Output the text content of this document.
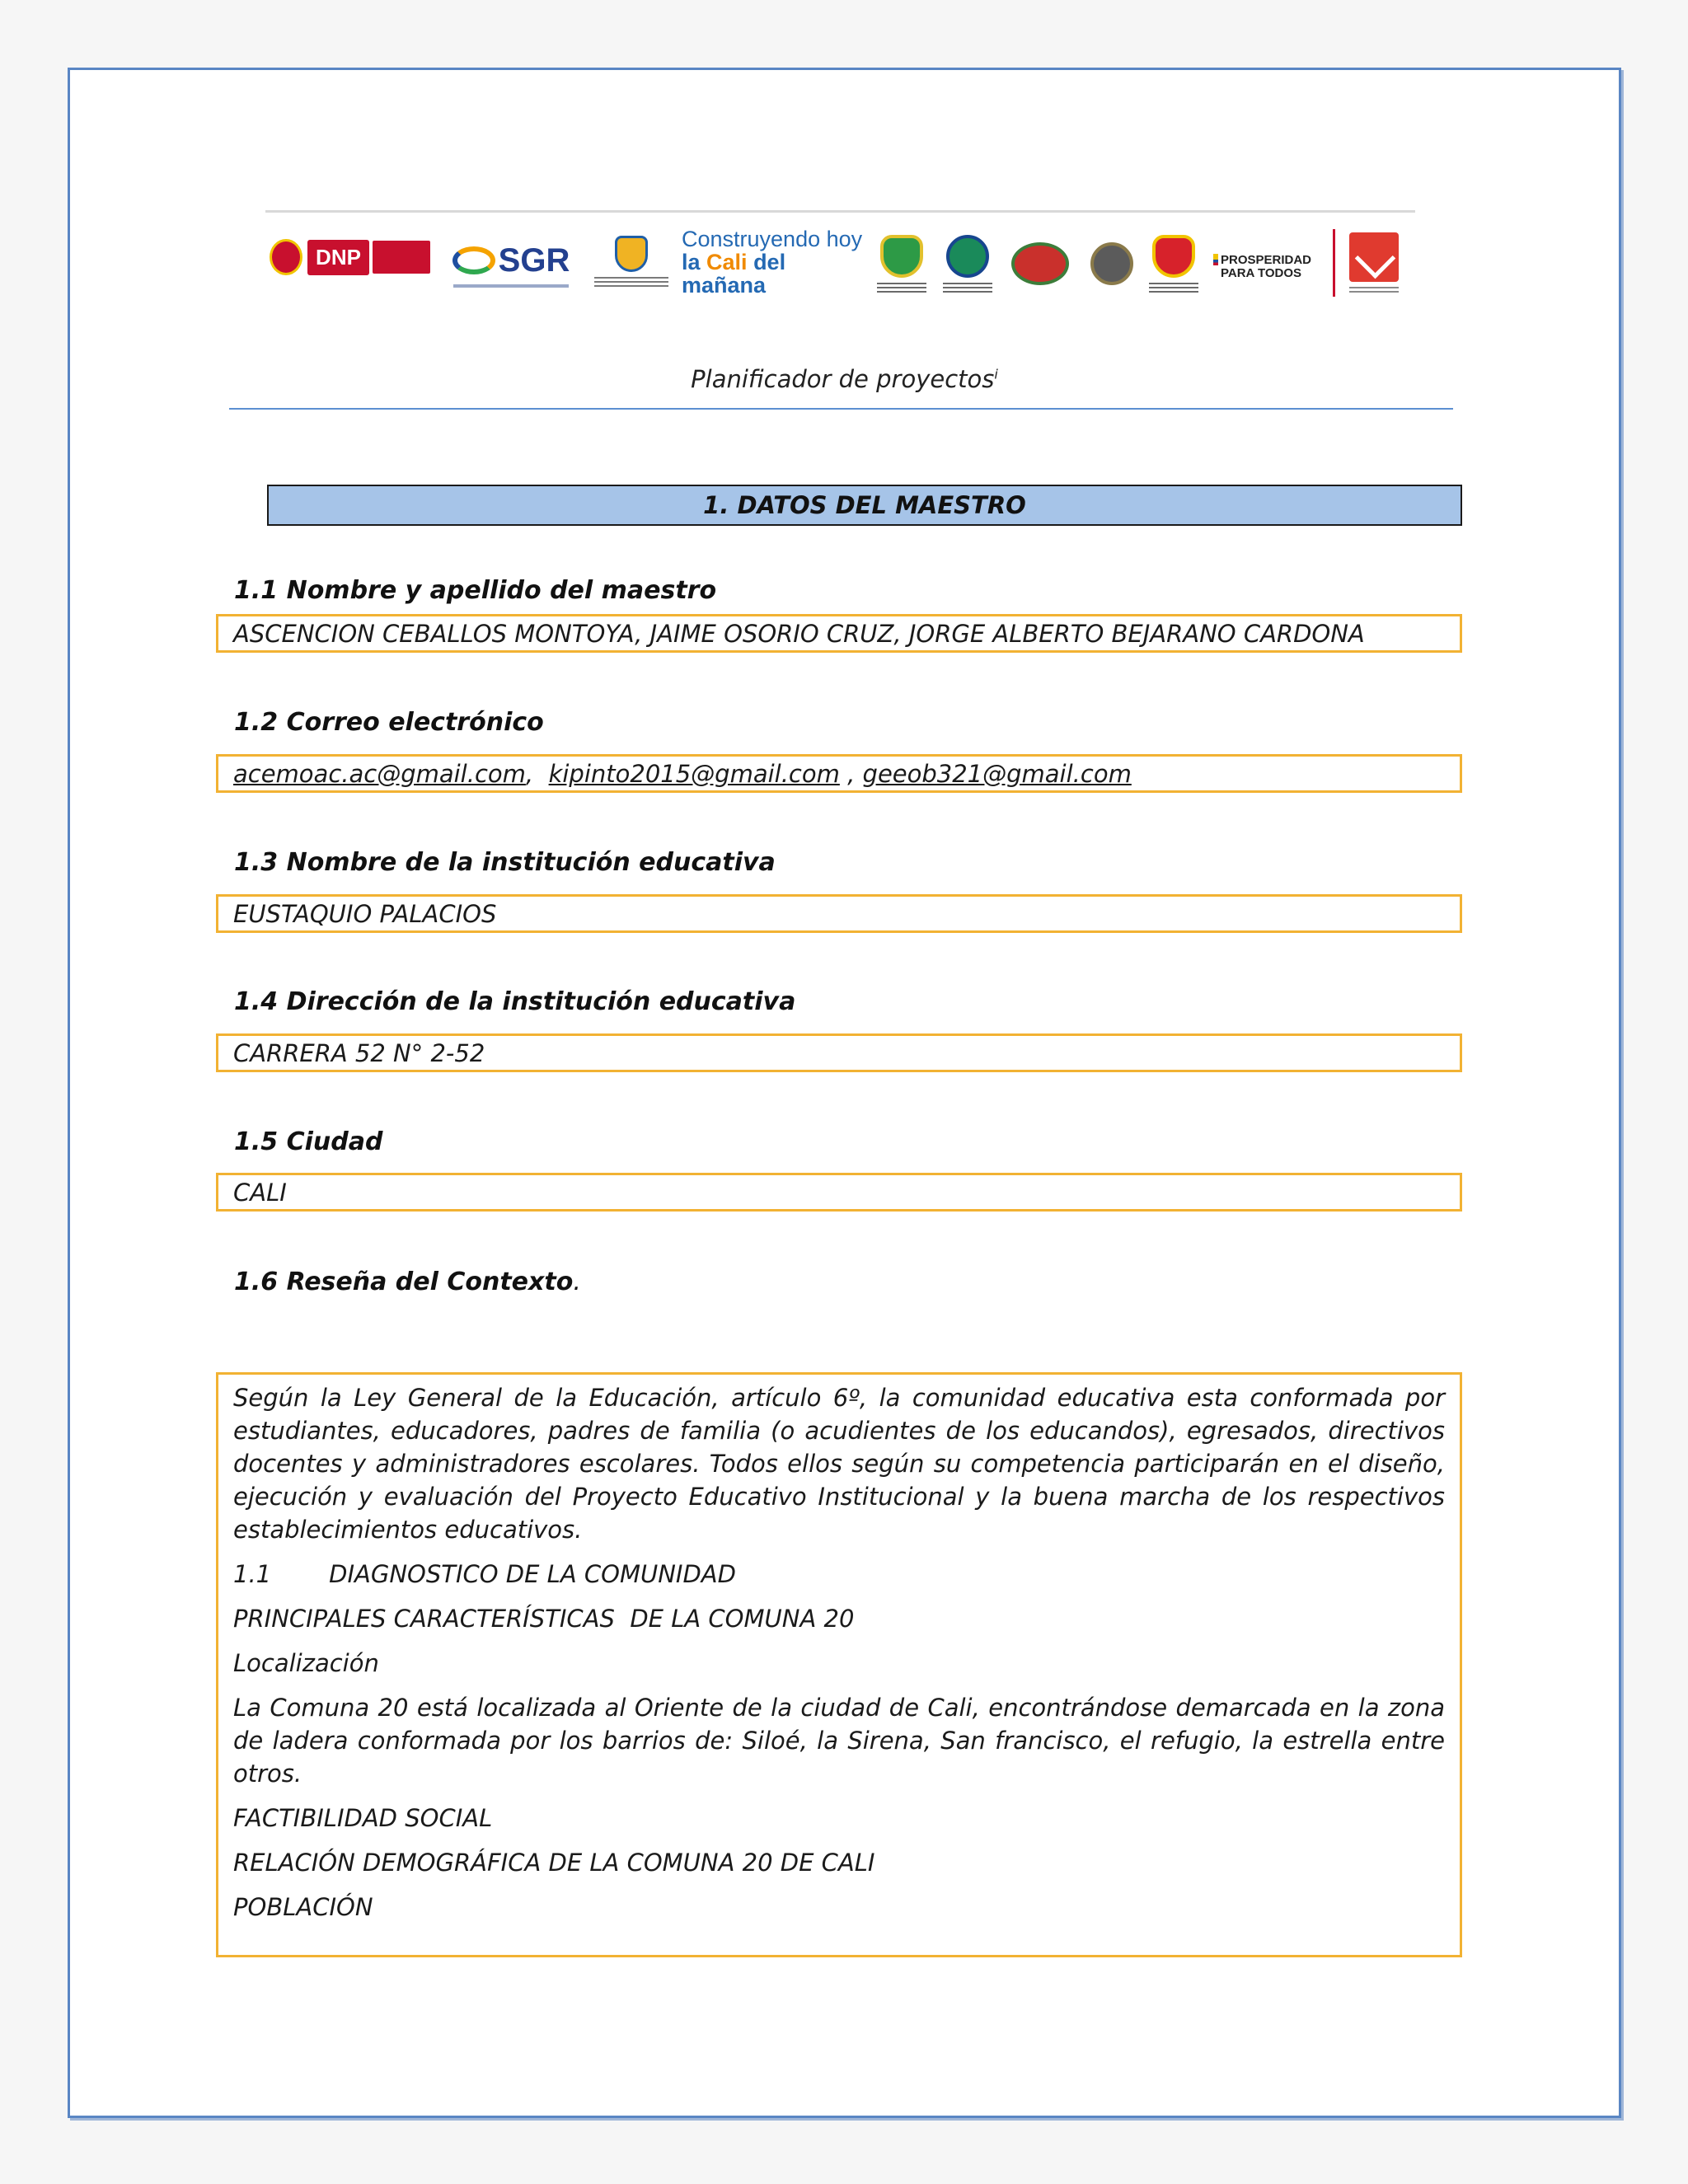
DNP	SGR
Construyendo hoy
la Cali del mañana
PROSPERIDAD
PARA TODOS
Planificador de proyectos$^i$
1. DATOS DEL MAESTRO
1.1 Nombre y apellido del maestro
ASCENCION CEBALLOS MONTOYA, JAIME OSORIO CRUZ, JORGE ALBERTO BEJARANO CARDONA
1.2 Correo electrónico
acemoac.ac@gmail.com,  kipinto2015@gmail.com , geeob321@gmail.com
1.3 Nombre de la institución educativa
EUSTAQUIO PALACIOS
1.4 Dirección de la institución educativa
CARRERA 52 N° 2-52
1.5 Ciudad
CALI
1.6 Reseña del Contexto.

Según la Ley General de la Educación, artículo 6º, la comunidad educativa esta conformada por estudiantes, educadores, padres de familia (o acudientes de los educandos), egresados, directivos docentes y administradores escolares. Todos ellos según su competencia participarán en el diseño, ejecución y evaluación del Proyecto Educativo Institucional y la buena marcha de los respectivos establecimientos educativos.

1.1 DIAGNOSTICO DE LA COMUNIDAD

PRINCIPALES CARACTERÍSTICAS  DE LA COMUNA 20

Localización

La Comuna 20 está localizada al Oriente de la ciudad de Cali, encontrándose demarcada en la zona de ladera conformada por los barrios de: Siloé, la Sirena, San francisco, el refugio, la estrella entre otros.

FACTIBILIDAD SOCIAL

RELACIÓN DEMOGRÁFICA DE LA COMUNA 20 DE CALI

POBLACIÓN
